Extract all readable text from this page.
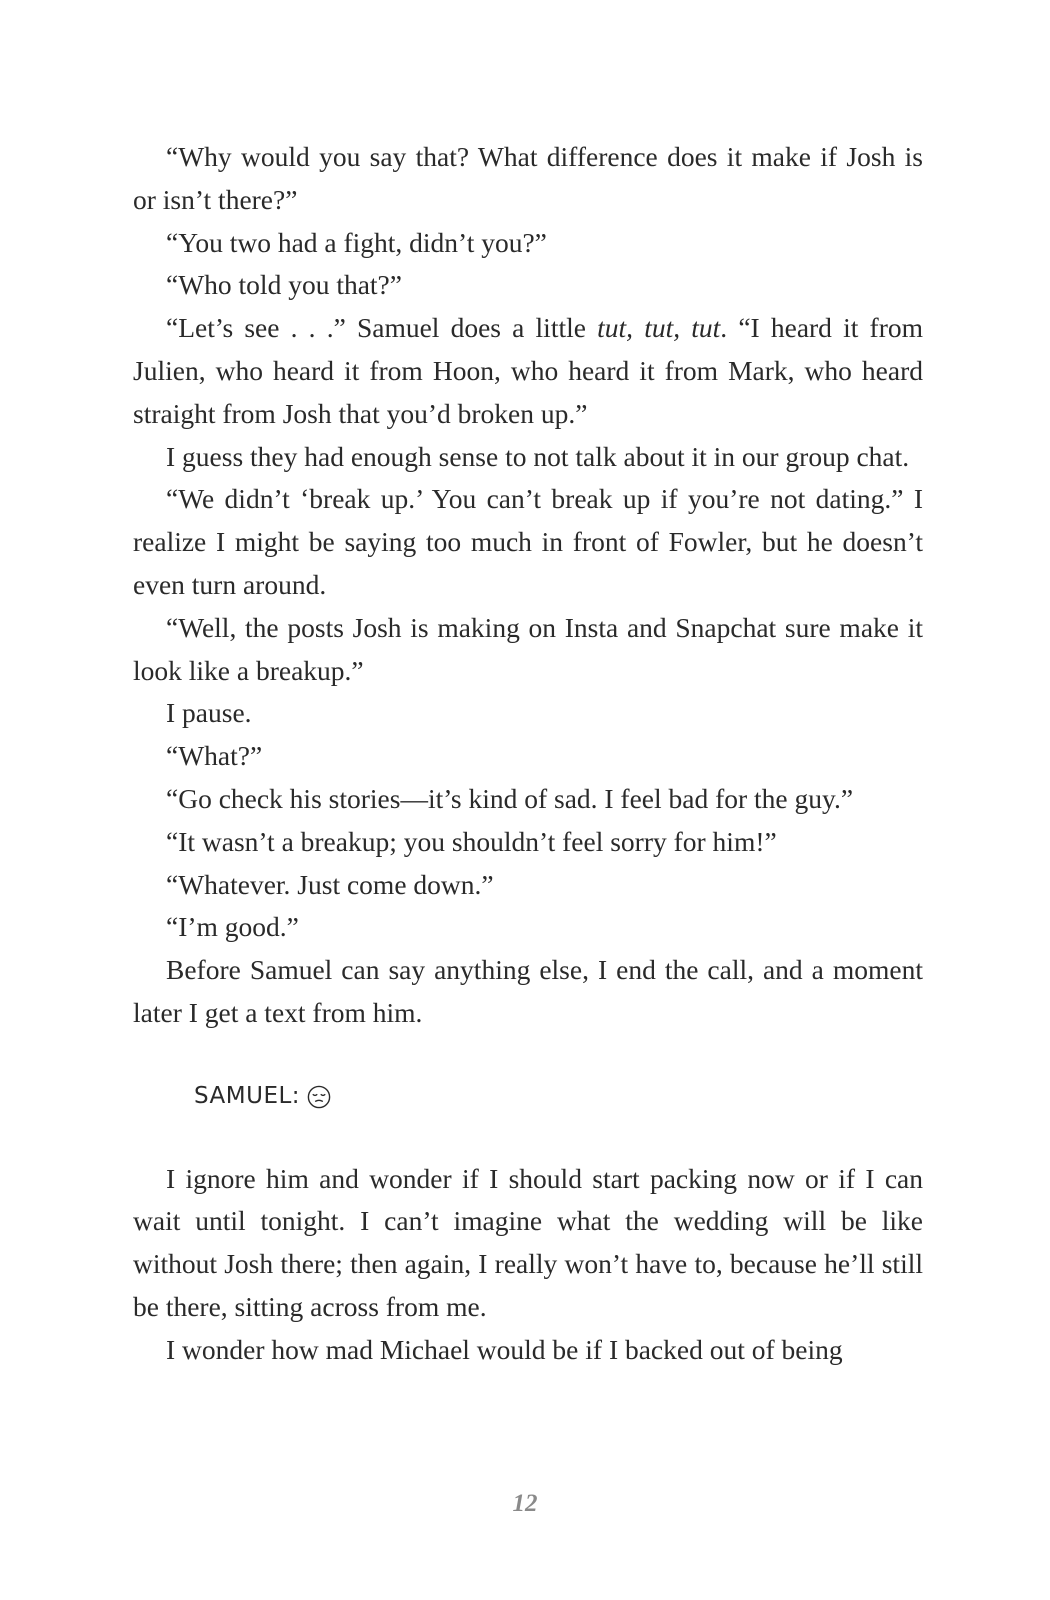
“Why would you say that? What difference does it make if Josh is or isn’t there?”

“You two had a fight, didn’t you?”

“Who told you that?”

“Let’s see . . .” Samuel does a little tut, tut, tut. “I heard it from Julien, who heard it from Hoon, who heard it from Mark, who heard straight from Josh that you’d broken up.”

I guess they had enough sense to not talk about it in our group chat.

“We didn’t ‘break up.’ You can’t break up if you’re not dating.” I realize I might be saying too much in front of Fowler, but he doesn’t even turn around.

“Well, the posts Josh is making on Insta and Snapchat sure make it look like a breakup.”

I pause.

“What?”

“Go check his stories—it’s kind of sad. I feel bad for the guy.”

“It wasn’t a breakup; you shouldn’t feel sorry for him!”

“Whatever. Just come down.”

“I’m good.”

Before Samuel can say anything else, I end the call, and a moment later I get a text from him.

SAMUEL:

I ignore him and wonder if I should start packing now or if I can wait until tonight. I can’t imagine what the wedding will be like without Josh there; then again, I really won’t have to, because he’ll still be there, sitting across from me.

I wonder how mad Michael would be if I backed out of being

12
